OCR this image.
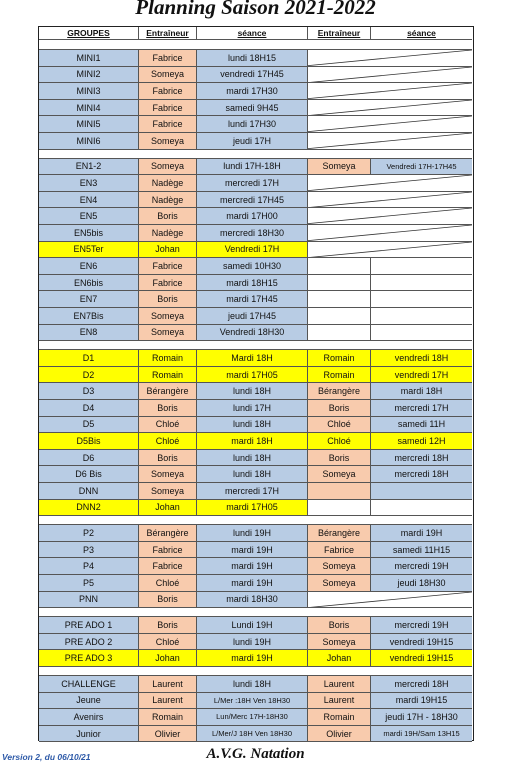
Planning Saison 2021-2022
GROUPES	Entraîneur	séance	Entraîneur	séance
MINI1	Fabrice	lundi 18H15
MINI2	Someya	vendredi 17H45
MINI3	Fabrice	mardi 17H30
MINI4	Fabrice	samedi 9H45
MINI5	Fabrice	lundi 17H30
MINI6	Someya	jeudi 17H
EN1-2	Someya	lundi 17H-18H	Someya	Vendredi 17H-17H45
EN3	Nadège	mercredi 17H
EN4	Nadège	mercredi 17H45
EN5	Boris	mardi 17H00
EN5bis	Nadège	mercredi 18H30
EN5Ter	Johan	Vendredi 17H
EN6	Fabrice	samedi 10H30
EN6bis	Fabrice	mardi 18H15
EN7	Boris	mardi 17H45
EN7Bis	Someya	jeudi 17H45
EN8	Someya	Vendredi 18H30
D1	Romain	Mardi 18H	Romain	vendredi 18H
D2	Romain	mardi 17H05	Romain	vendredi 17H
D3	Bérangère	lundi 18H	Bérangère	mardi 18H
D4	Boris	lundi 17H	Boris	mercredi 17H
D5	Chloé	lundi 18H	Chloé	samedi 11H
D5Bis	Chloé	mardi 18H	Chloé	samedi 12H
D6	Boris	lundi 18H	Boris	mercredi 18H
D6 Bis	Someya	lundi 18H	Someya	mercredi 18H
DNN	Someya	mercredi 17H
DNN2	Johan	mardi 17H05
P2	Bérangère	lundi 19H	Bérangère	mardi 19H
P3	Fabrice	mardi 19H	Fabrice	samedi 11H15
P4	Fabrice	mardi 19H	Someya	mercredi 19H
P5	Chloé	mardi 19H	Someya	jeudi 18H30
PNN	Boris	mardi 18H30
PRE ADO 1	Boris	Lundi 19H	Boris	mercredi 19H
PRE ADO 2	Chloé	lundi 19H	Someya	vendredi 19H15
PRE ADO 3	Johan	mardi 19H	Johan	vendredi 19H15
CHALLENGE	Laurent	lundi 18H	Laurent	mercredi 18H
Jeune	Laurent	L/Mer :18H Ven 18H30	Laurent	mardi 19H15
Avenirs	Romain	Lun/Merc 17H-18H30	Romain	jeudi 17H - 18H30
Junior	Olivier	L/Mer/J 18H Ven 18H30	Olivier	mardi 19H/Sam 13H15
Version 2, du 06/10/21	A.V.G. Natation
